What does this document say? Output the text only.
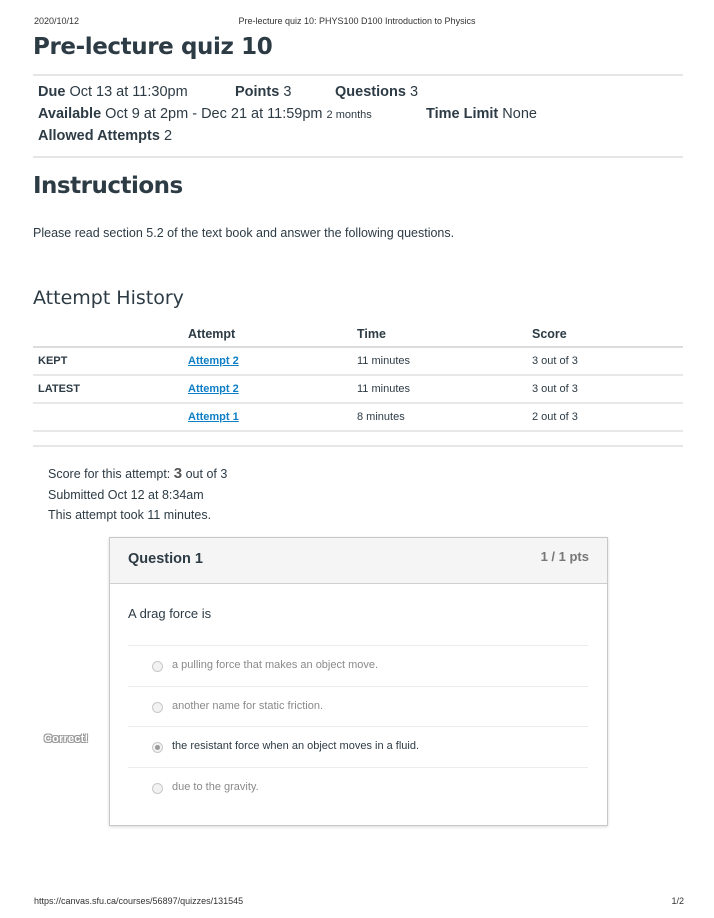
2020/10/12	Pre-lecture quiz 10: PHYS100 D100 Introduction to Physics
Pre-lecture quiz 10
Due Oct 13 at 11:30pm	Points 3	Questions 3
Available Oct 9 at 2pm - Dec 21 at 11:59pm 2 months	Time Limit None
Allowed Attempts 2
Instructions
Please read section 5.2 of the text book and answer the following questions.
Attempt History
	Attempt	Time	Score
KEPT	Attempt 2	11 minutes	3 out of 3
LATEST	Attempt 2	11 minutes	3 out of 3
	Attempt 1	8 minutes	2 out of 3
Score for this attempt: 3 out of 3
Submitted Oct 12 at 8:34am
This attempt took 11 minutes.
Correct!
Question 1	1 / 1 pts
A drag force is
a pulling force that makes an object move.
another name for static friction.
the resistant force when an object moves in a fluid.
due to the gravity.
https://canvas.sfu.ca/courses/56897/quizzes/131545	1/2
